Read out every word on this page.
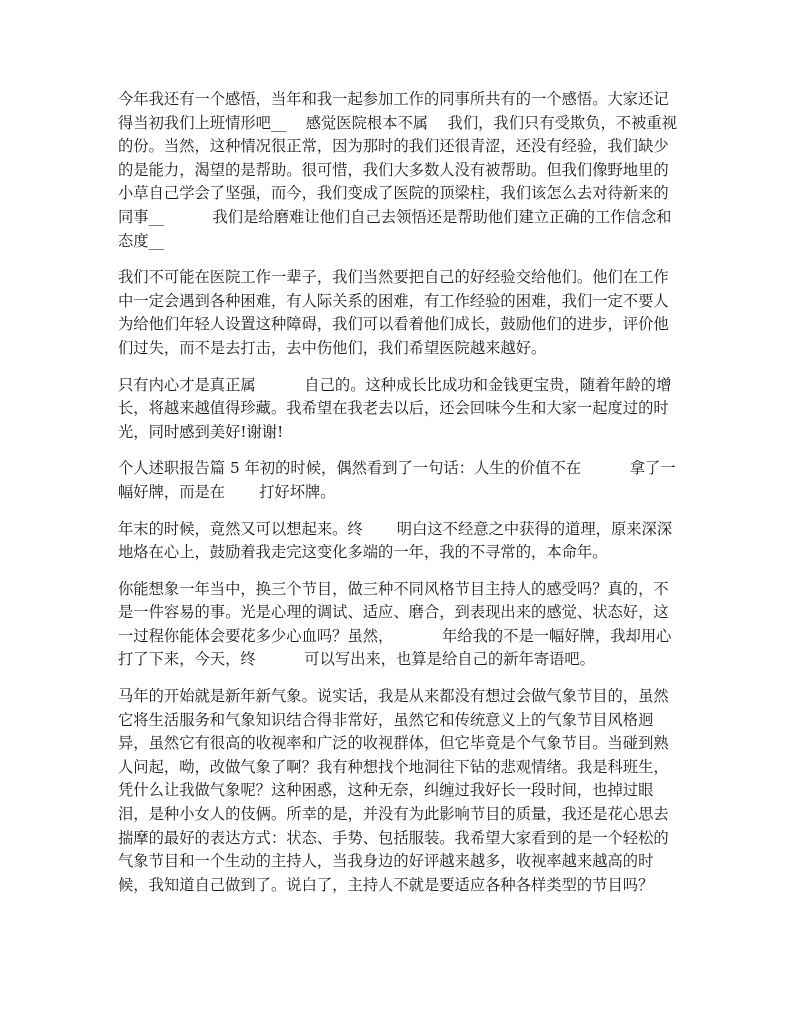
今年我还有一个感悟，当年和我一起参加工作的同事所共有的一个感悟。大家还记
得当初我们上班情形吧__    感觉医院根本不属    我们，我们只有受欺负，不被重视
的份。当然，这种情况很正常，因为那时的我们还很青涩，还没有经验，我们缺少
的是能力，渴望的是帮助。很可惜，我们大多数人没有被帮助。但我们像野地里的
小草自己学会了坚强，而今，我们变成了医院的顶梁柱，我们该怎么去对待新来的
同事__          我们是给磨难让他们自己去领悟还是帮助他们建立正确的工作信念和
态度__
我们不可能在医院工作一辈子，我们当然要把自己的好经验交给他们。他们在工作
中一定会遇到各种困难，有人际关系的困难，有工作经验的困难，我们一定不要人
为给他们年轻人设置这种障碍，我们可以看着他们成长，鼓励他们的进步，评价他
们过失，而不是去打击，去中伤他们，我们希望医院越来越好。
只有内心才是真正属          自己的。这种成长比成功和金钱更宝贵，随着年龄的增
长，将越来越值得珍藏。我希望在我老去以后，还会回味今生和大家一起度过的时
光，同时感到美好!谢谢!
个人述职报告篇 5 年初的时候，偶然看到了一句话：人生的价值不在          拿了一
幅好牌，而是在       打好坏牌。
年末的时候，竟然又可以想起来。终       明白这不经意之中获得的道理，原来深深
地烙在心上，鼓励着我走完这变化多端的一年，我的不寻常的，本命年。
你能想象一年当中，换三个节目，做三种不同风格节目主持人的感受吗？真的，不
是一件容易的事。光是心理的调试、适应、磨合，到表现出来的感觉、状态好，这
一过程你能体会要花多少心血吗？虽然，          年给我的不是一幅好牌，我却用心
打了下来，今天，终          可以写出来，也算是给自己的新年寄语吧。
马年的开始就是新年新气象。说实话，我是从来都没有想过会做气象节目的，虽然
它将生活服务和气象知识结合得非常好，虽然它和传统意义上的气象节目风格迥
异，虽然它有很高的收视率和广泛的收视群体，但它毕竟是个气象节目。当碰到熟
人问起，呦，改做气象了啊？我有种想找个地洞往下钻的悲观情绪。我是科班生，
凭什么让我做气象呢？这种困惑，这种无奈，纠缠过我好长一段时间，也掉过眼
泪，是种小女人的伎俩。所幸的是，并没有为此影响节目的质量，我还是花心思去
揣摩的最好的表达方式：状态、手势、包括服装。我希望大家看到的是一个轻松的
气象节目和一个生动的主持人，当我身边的好评越来越多，收视率越来越高的时
候，我知道自己做到了。说白了，主持人不就是要适应各种各样类型的节目吗？
